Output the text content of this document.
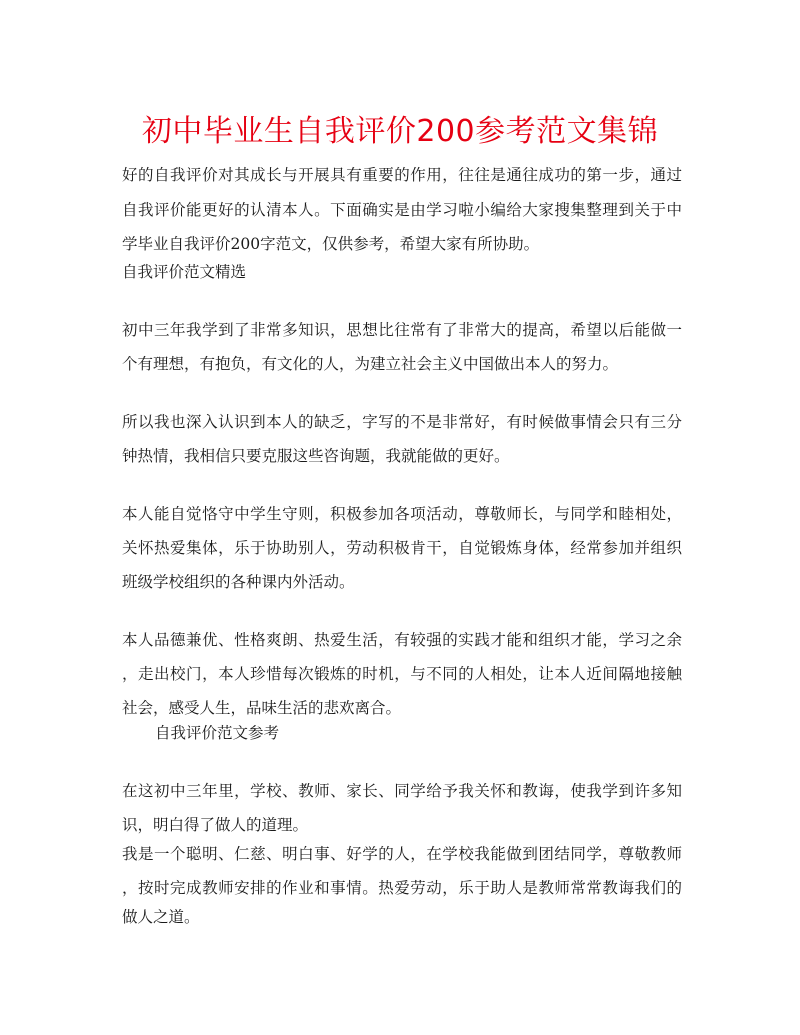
初中毕业生自我评价200参考范文集锦
好的自我评价对其成长与开展具有重要的作用，往往是通往成功的第一步，通过
自我评价能更好的认清本人。下面确实是由学习啦小编给大家搜集整理到关于中
学毕业自我评价200字范文，仅供参考，希望大家有所协助。
自我评价范文精选
初中三年我学到了非常多知识，思想比往常有了非常大的提高，希望以后能做一
个有理想，有抱负，有文化的人，为建立社会主义中国做出本人的努力。
所以我也深入认识到本人的缺乏，字写的不是非常好，有时候做事情会只有三分
钟热情，我相信只要克服这些咨询题，我就能做的更好。
本人能自觉恪守中学生守则，积极参加各项活动，尊敬师长，与同学和睦相处，
关怀热爱集体，乐于协助别人，劳动积极肯干，自觉锻炼身体，经常参加并组织
班级学校组织的各种课内外活动。
本人品德兼优、性格爽朗、热爱生活，有较强的实践才能和组织才能，学习之余
，走出校门，本人珍惜每次锻炼的时机，与不同的人相处，让本人近间隔地接触
社会，感受人生，品味生活的悲欢离合。
自我评价范文参考
在这初中三年里，学校、教师、家长、同学给予我关怀和教诲，使我学到许多知
识，明白得了做人的道理。
我是一个聪明、仁慈、明白事、好学的人，在学校我能做到团结同学，尊敬教师
，按时完成教师安排的作业和事情。热爱劳动，乐于助人是教师常常教诲我们的
做人之道。
